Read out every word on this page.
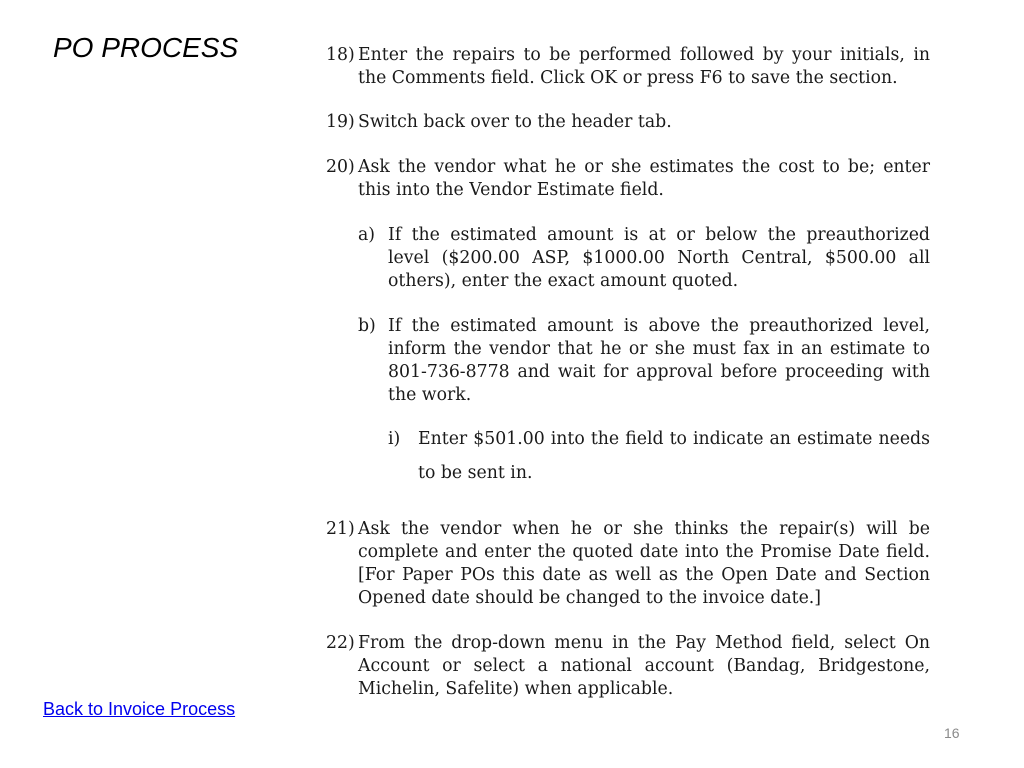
PO PROCESS	18) Enter the repairs to be performed followed by your initials, in the Comments field. Click OK or press F6 to save the section.
19) Switch back over to the header tab.
20) Ask the vendor what he or she estimates the cost to be; enter this into the Vendor Estimate field.
a) If the estimated amount is at or below the preauthorized level ($200.00 ASP, $1000.00 North Central, $500.00 all others), enter the exact amount quoted.
b) If the estimated amount is above the preauthorized level, inform the vendor that he or she must fax in an estimate to 801-736-8778 and wait for approval before proceeding with the work.
i) Enter $501.00 into the field to indicate an estimate needs to be sent in.
21) Ask the vendor when he or she thinks the repair(s) will be complete and enter the quoted date into the Promise Date field. [For Paper POs this date as well as the Open Date and Section Opened date should be changed to the invoice date.]
22) From the drop-down menu in the Pay Method field, select On Account or select a national account (Bandag, Bridgestone, Michelin, Safelite) when applicable.
Back to Invoice Process
16
